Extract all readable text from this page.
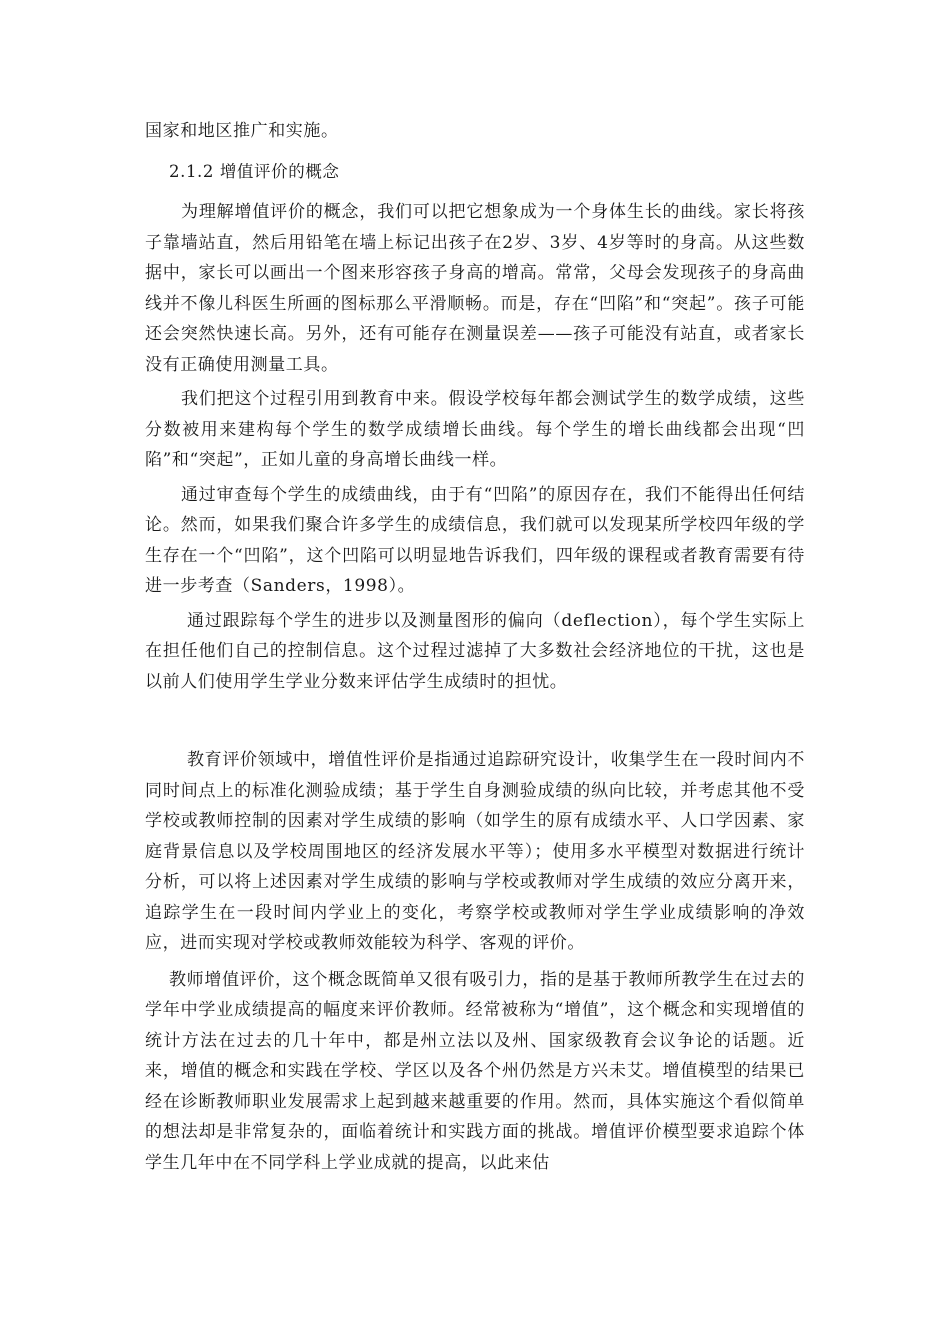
国家和地区推广和实施。

2.1.2 增值评价的概念

为理解增值评价的概念，我们可以把它想象成为一个身体生长的曲线。家长将孩子靠墙站直，然后用铅笔在墙上标记出孩子在2岁、3岁、4岁等时的身高。从这些数据中，家长可以画出一个图来形容孩子身高的增高。常常，父母会发现孩子的身高曲线并不像儿科医生所画的图标那么平滑顺畅。而是，存在“凹陷”和“突起”。孩子可能还会突然快速长高。另外，还有可能存在测量误差——孩子可能没有站直，或者家长没有正确使用测量工具。

我们把这个过程引用到教育中来。假设学校每年都会测试学生的数学成绩，这些分数被用来建构每个学生的数学成绩增长曲线。每个学生的增长曲线都会出现“凹陷”和“突起”，正如儿童的身高增长曲线一样。

通过审查每个学生的成绩曲线，由于有“凹陷”的原因存在，我们不能得出任何结论。然而，如果我们聚合许多学生的成绩信息，我们就可以发现某所学校四年级的学生存在一个“凹陷”，这个凹陷可以明显地告诉我们，四年级的课程或者教育需要有待进一步考查（Sanders，1998）。

通过跟踪每个学生的进步以及测量图形的偏向（deflection），每个学生实际上在担任他们自己的控制信息。这个过程过滤掉了大多数社会经济地位的干扰，这也是以前人们使用学生学业分数来评估学生成绩时的担忧。

教育评价领域中，增值性评价是指通过追踪研究设计，收集学生在一段时间内不同时间点上的标准化测验成绩；基于学生自身测验成绩的纵向比较，并考虑其他不受学校或教师控制的因素对学生成绩的影响（如学生的原有成绩水平、人口学因素、家庭背景信息以及学校周围地区的经济发展水平等）；使用多水平模型对数据进行统计分析，可以将上述因素对学生成绩的影响与学校或教师对学生成绩的效应分离开来，追踪学生在一段时间内学业上的变化，考察学校或教师对学生学业成绩影响的净效应，进而实现对学校或教师效能较为科学、客观的评价。

教师增值评价，这个概念既简单又很有吸引力，指的是基于教师所教学生在过去的学年中学业成绩提高的幅度来评价教师。经常被称为“增值”，这个概念和实现增值的统计方法在过去的几十年中，都是州立法以及州、国家级教育会议争论的话题。近来，增值的概念和实践在学校、学区以及各个州仍然是方兴未艾。增值模型的结果已经在诊断教师职业发展需求上起到越来越重要的作用。然而，具体实施这个看似简单的想法却是非常复杂的，面临着统计和实践方面的挑战。增值评价模型要求追踪个体学生几年中在不同学科上学业成就的提高，以此来估
